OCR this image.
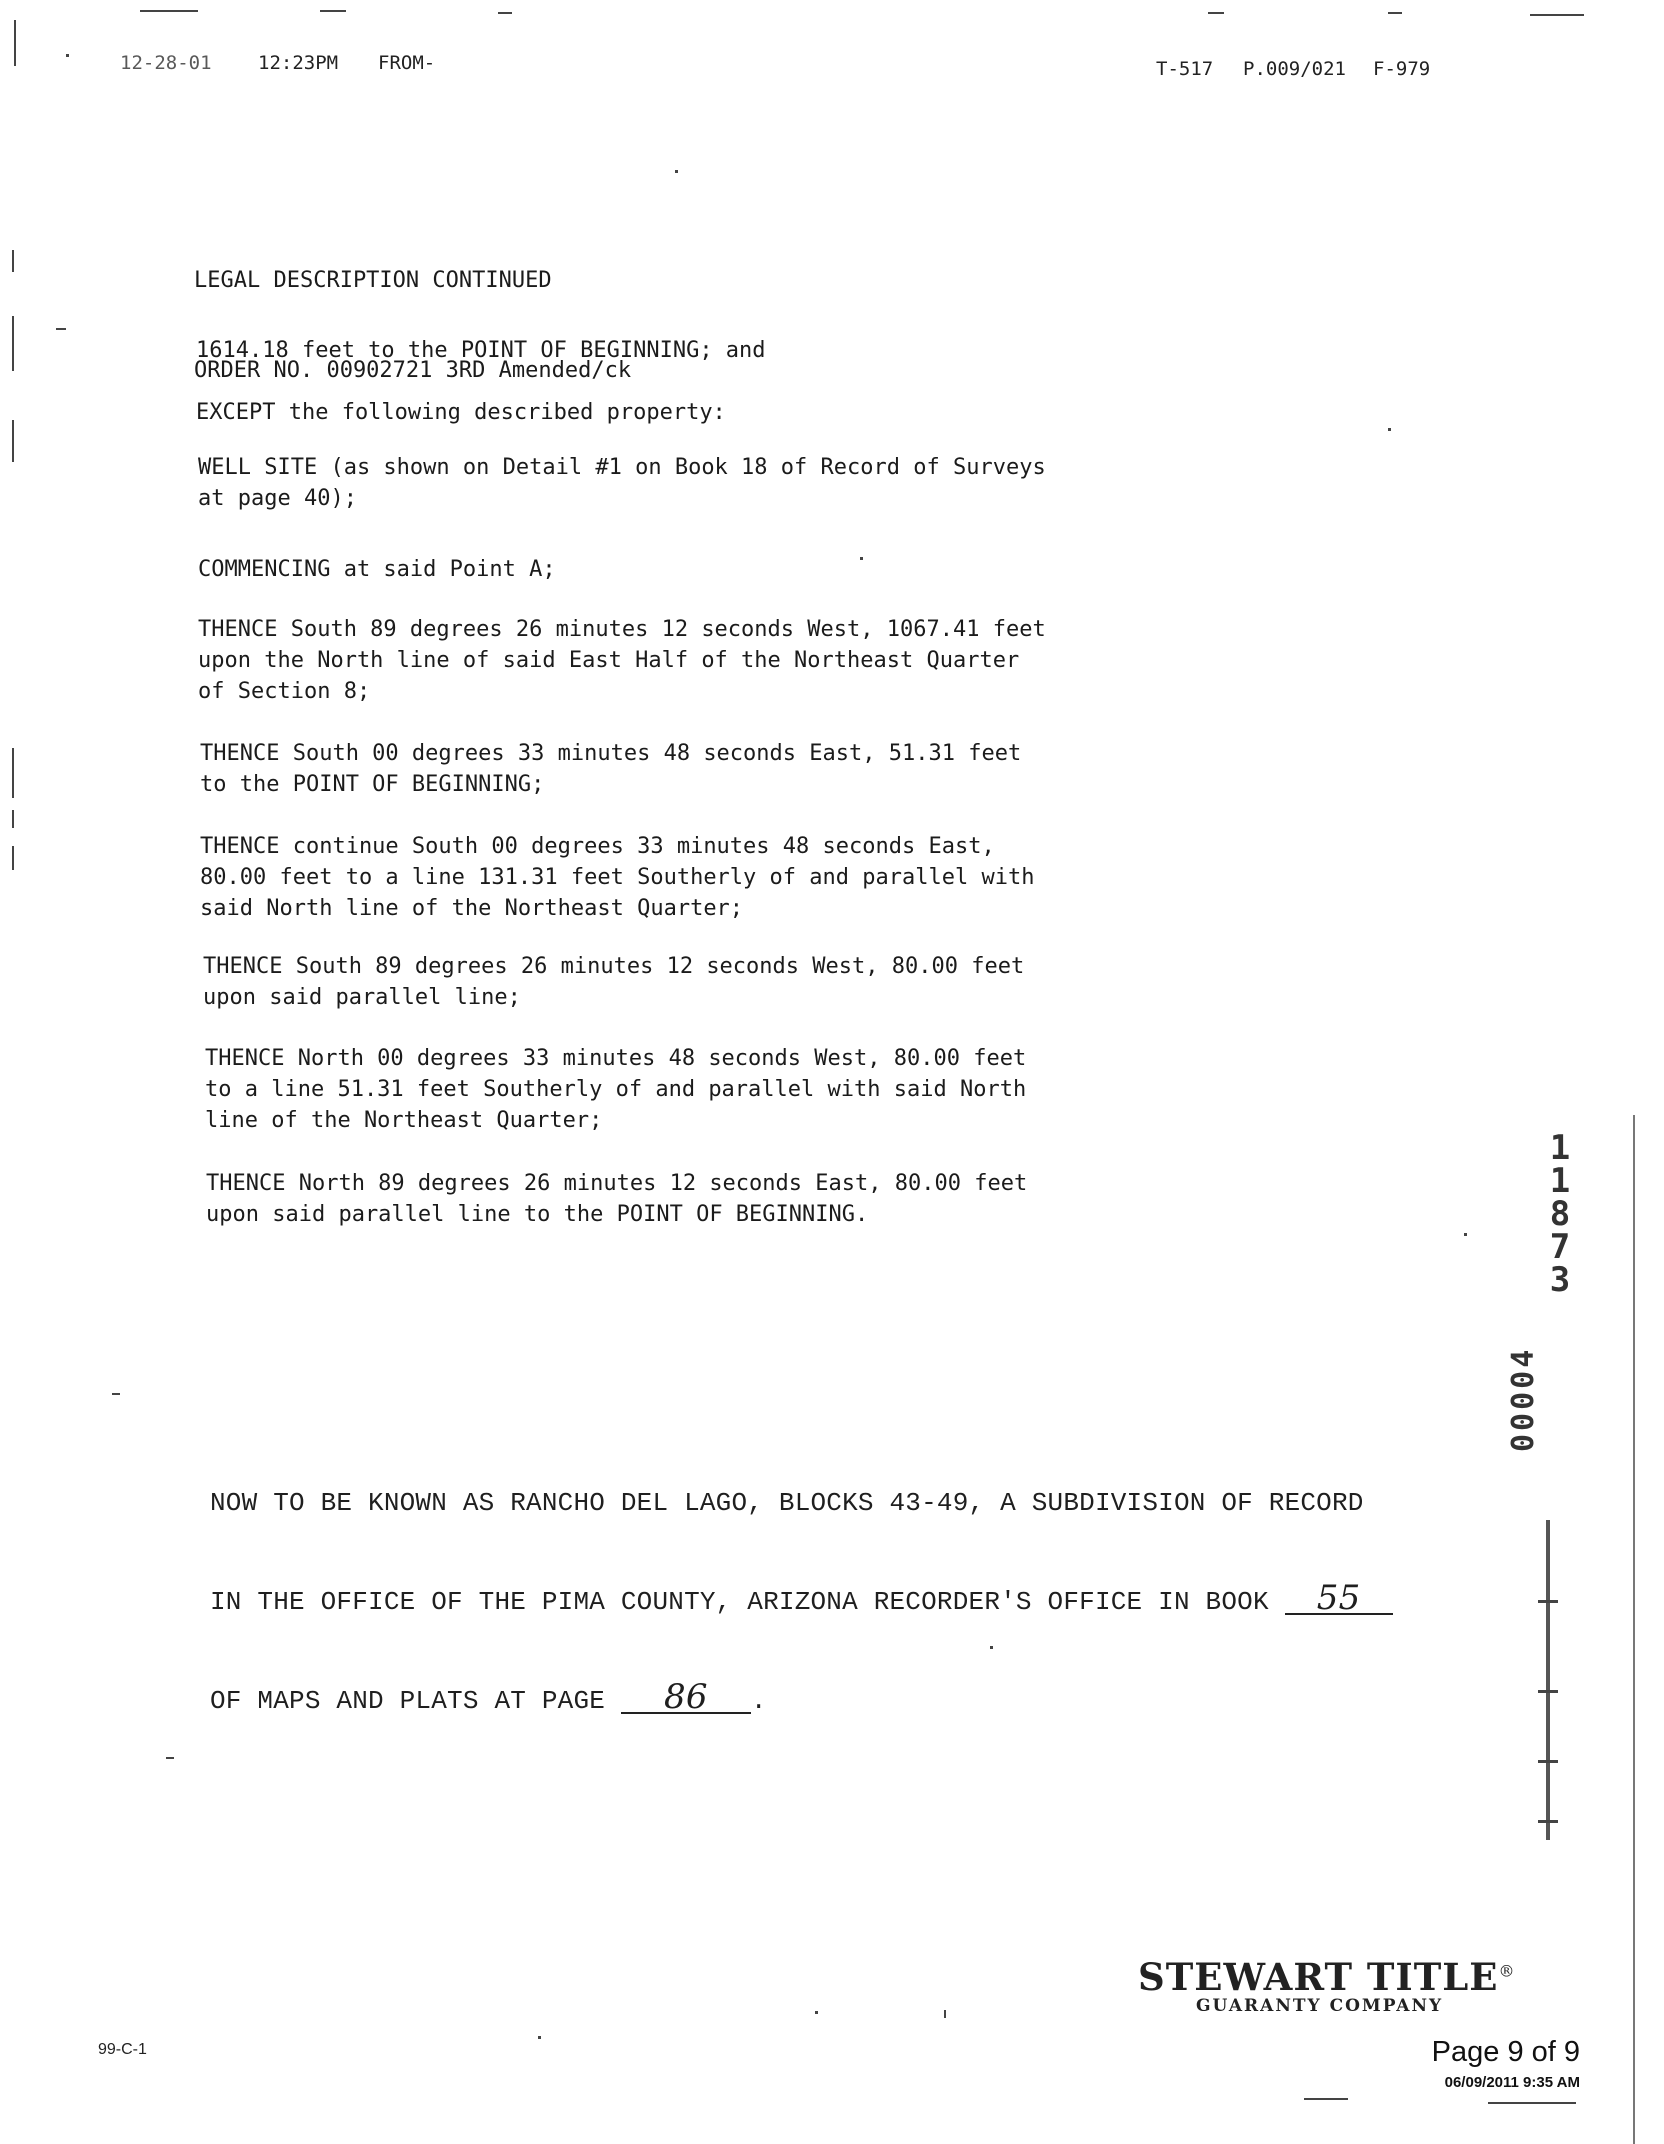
12-28-01 12:23PM FROM-	T-517 P.009/021 F-979

LEGAL DESCRIPTION CONTINUED

ORDER NO. 00902721 3RD Amended/ck

1614.18 feet to the POINT OF BEGINNING; and
EXCEPT the following described property:
WELL SITE (as shown on Detail #1 on Book 18 of Record of Surveys
at page 40);
COMMENCING at said Point A;
THENCE South 89 degrees 26 minutes 12 seconds West, 1067.41 feet
upon the North line of said East Half of the Northeast Quarter
of Section 8;
THENCE South 00 degrees 33 minutes 48 seconds East, 51.31 feet
to the POINT OF BEGINNING;
THENCE continue South 00 degrees 33 minutes 48 seconds East,
80.00 feet to a line 131.31 feet Southerly of and parallel with
said North line of the Northeast Quarter;
THENCE South 89 degrees 26 minutes 12 seconds West, 80.00 feet
upon said parallel line;
THENCE North 00 degrees 33 minutes 48 seconds West, 80.00 feet
to a line 51.31 feet Southerly of and parallel with said North
line of the Northeast Quarter;
THENCE North 89 degrees 26 minutes 12 seconds East, 80.00 feet
upon said parallel line to the POINT OF BEGINNING.

NOW TO BE KNOWN AS RANCHO DEL LAGO, BLOCKS 43-49, A SUBDIVISION OF RECORD

IN THE OFFICE OF THE PIMA COUNTY, ARIZONA RECORDER'S OFFICE IN BOOK 55

OF MAPS AND PLATS AT PAGE 86 .

1
1
8
7
3
00004
STEWART TITLE®
GUARANTY COMPANY
99-C-1	Page 9 of 9
06/09/2011 9:35 AM
